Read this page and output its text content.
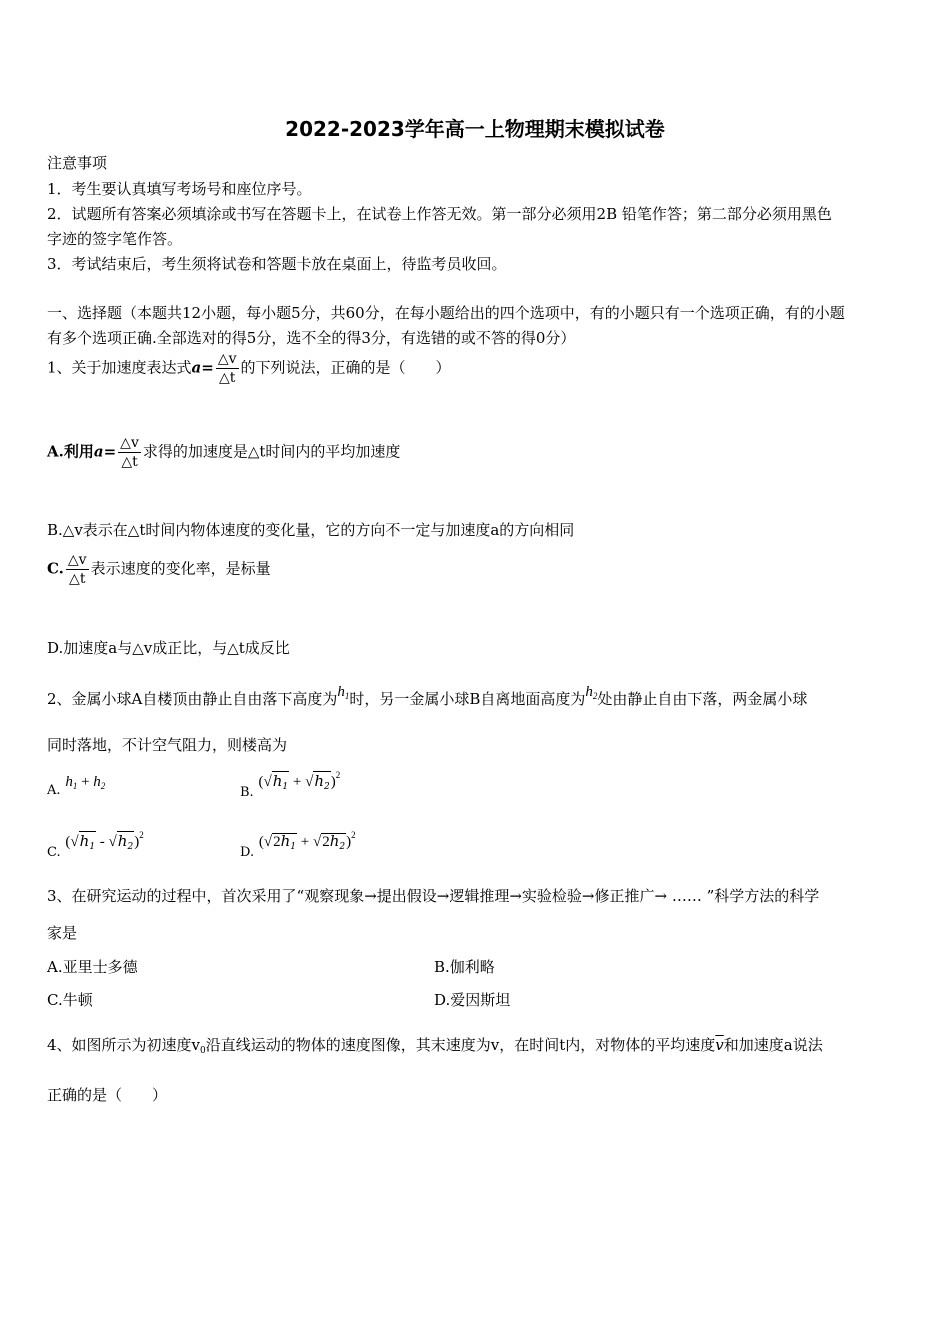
2022-2023学年高一上物理期末模拟试卷
注意事项
1．考生要认真填写考场号和座位序号。
2．试题所有答案必须填涂或书写在答题卡上，在试卷上作答无效。第一部分必须用2B 铅笔作答；第二部分必须用黑色
字迹的签字笔作答。
3．考试结束后，考生须将试卷和答题卡放在桌面上，待监考员收回。
一、选择题（本题共12小题，每小题5分，共60分，在每小题给出的四个选项中，有的小题只有一个选项正确，有的小题
有多个选项正确.全部选对的得5分，选不全的得3分，有选错的或不答的得0分）
1、关于加速度表达式$a= \frac{\triangle v}{\triangle t}$ 的下列说法，正确的是（　　）
A.利用$a= \frac{\triangle v}{\triangle t}$ 求得的加速度是△t时间内的平均加速度
B.△v表示在△t时间内物体速度的变化量，它的方向不一定与加速度a的方向相同
C. $\frac{\triangle v}{\triangle t}$ 表示速度的变化率，是标量
D.加速度a与△v成正比，与△t成反比
2、金属小球A自楼顶由静止自由落下高度为$h_1$时，另一金属小球B自离地面高度为$h_2$处由静止自由下落，两金属小球
同时落地，不计空气阻力，则楼高为
A. $h_1 + h_2$	B. $(√h_1 + √h_2)^2$
C. $(√h_1 - √h_2)^2$
D. $(√2h_1 + √2h_2)^2$
3、在研究运动的过程中，首次采用了“观察现象→提出假设→逻辑推理→实验检验→修正推广→ …… ”科学方法的科学
家是
A.亚里士多德	B.伽利略
C.牛顿	D.爱因斯坦
4、如图所示为初速度$v_0$沿直线运动的物体的速度图像，其末速度为v，在时间t内，对物体的平均速度$\overline{v}$和加速度a说法
正确的是（　　）
